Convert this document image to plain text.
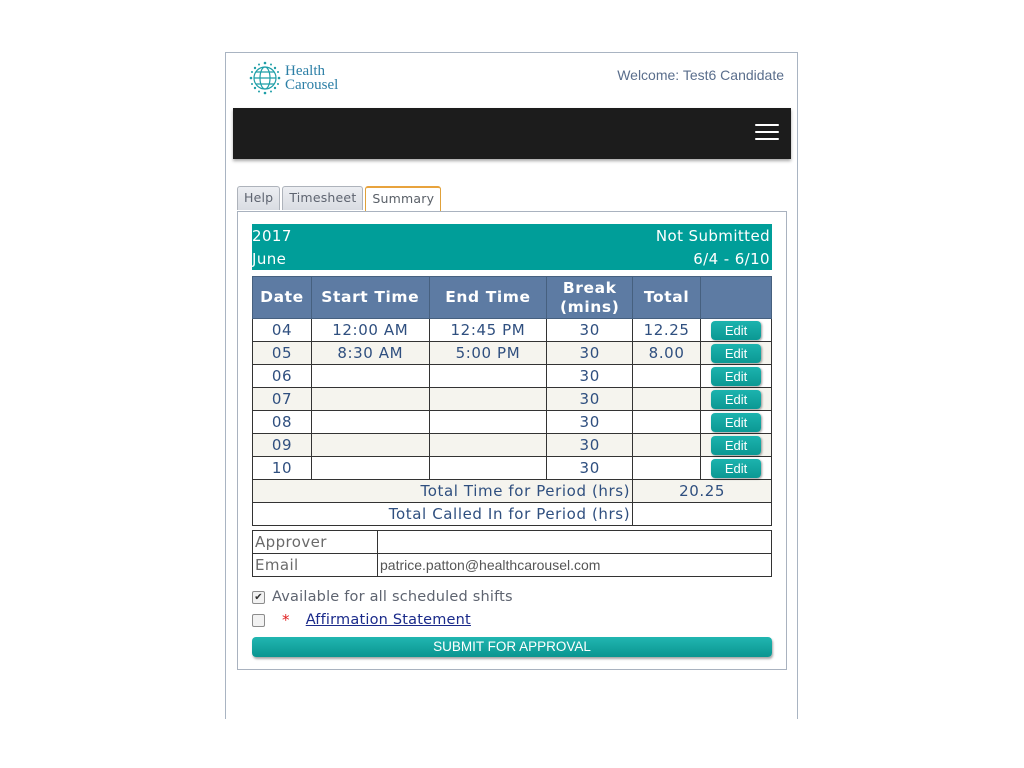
Health
Carousel
Welcome: Test6 Candidate
Help	Timesheet	Summary
2017	Not Submitted
June	6/4 - 6/10
Date	Start Time	End Time	Break
(mins)	Total	
04	12:00 AM	12:45 PM	30	12.25	Edit
05	8:30 AM	5:00 PM	30	8.00	Edit
06			30		Edit
07			30		Edit
08			30		Edit
09			30		Edit
10			30		Edit
Total Time for Period (hrs)				20.25	
Total Called In for Period (hrs)					
Approver	
Email	patrice.patton@healthcarousel.com
✔ Available for all scheduled shifts
* Affirmation Statement
SUBMIT FOR APPROVAL
